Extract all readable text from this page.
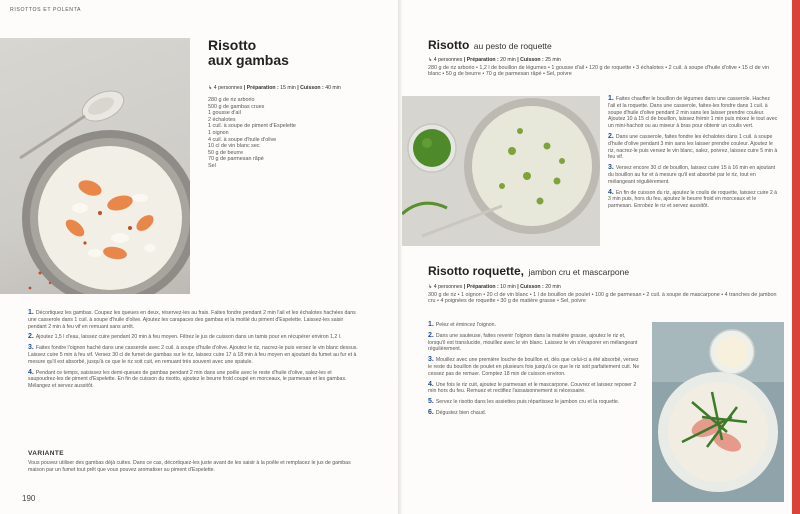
RISOTTOS ET POLENTA
Risotto
aux gambas
↳ 4 personnes | Préparation : 15 min | Cuisson : 40 min
280 g de riz arborio
500 g de gambas crues
1 gousse d'ail
2 échalotes
1 cuil. à soupe de piment d'Espelette
1 oignon
4 cuil. à soupe d'huile d'olive
10 cl de vin blanc sec
50 g de beurre
70 g de parmesan râpé
Sel
1. Décortiquez les gambas. Coupez les queues en deux, réservez-les au frais. Faites fondre pendant 2 min l'ail et les échalotes hachées dans une casserole dans 1 cuil. à soupe d'huile d'olive. Ajoutez les carapaces des gambas et la moitié du piment d'Espelette. Laissez-les saisir pendant 2 min à feu vif en remuant sans arrêt.
2. Ajoutez 1,5 l d'eau, laissez cuire pendant 20 min à feu moyen. Filtrez le jus de cuisson dans un tamis pour en récupérer environ 1,2 l.
3. Faites fondre l'oignon haché dans une casserole avec 2 cuil. à soupe d'huile d'olive. Ajoutez le riz, nacrez-le puis versez le vin blanc dessus. Laissez cuire 5 min à feu vif. Versez 30 cl de fumet de gambas sur le riz, laissez cuire 17 à 18 min à feu moyen en ajoutant du fumet au fur et à mesure qu'il est absorbé, jusqu'à ce que le riz soit cuit, en remuant très souvent avec une spatule.
4. Pendant ce temps, saisissez les demi-queues de gambas pendant 2 min dans une poêle avec le reste d'huile d'olive, salez-les et saupoudrez-les de piment d'Espelette. En fin de cuisson du risotto, ajoutez le beurre froid coupé en morceaux, le parmesan et les gambas. Mélangez et servez aussitôt.
VARIANTE
Vous pouvez utiliser des gambas déjà cuites. Dans ce cas, décortiquez-les juste avant de les saisir à la poêle et remplacez le jus de gambas maison par un fumet tout prêt que vous pouvez aromatiser au piment d'Espelette.
190
Risotto au pesto de roquette
↳ 4 personnes | Préparation : 20 min | Cuisson : 25 min
280 g de riz arborio • 1,2 l de bouillon de légumes • 1 gousse d'ail • 120 g de roquette • 3 échalotes • 2 cuil. à soupe d'huile d'olive • 15 cl de vin blanc • 50 g de beurre • 70 g de parmesan râpé • Sel, poivre
1. Faites chauffer le bouillon de légumes dans une casserole. Hachez l'ail et la roquette. Dans une casserole, faites-les fondre dans 1 cuil. à soupe d'huile d'olive pendant 2 min sans les laisser prendre couleur. Ajoutez 10 à 15 cl de bouillon, laissez frémir 1 min puis mixez le tout avec un mini-hachoir ou au mixeur à bras pour obtenir un coulis vert.
2. Dans une casserole, faites fondre les échalotes dans 1 cuil. à soupe d'huile d'olive pendant 3 min sans les laisser prendre couleur. Ajoutez le riz, nacrez-le puis versez le vin blanc, salez, poivrez, laissez cuire 5 min à feu vif.
3. Versez encore 30 cl de bouillon, laissez cuire 15 à 16 min en ajoutant du bouillon au fur et à mesure qu'il est absorbé par le riz, tout en mélangeant régulièrement.
4. En fin de cuisson du riz, ajoutez le coulis de roquette, laissez cuire 2 à 3 min puis, hors du feu, ajoutez le beurre froid en morceaux et le parmesan. Enrobez le riz et servez aussitôt.
Risotto roquette, jambon cru et mascarpone
↳ 4 personnes | Préparation : 10 min | Cuisson : 20 min
300 g de riz • 1 oignon • 20 cl de vin blanc • 1 l de bouillon de poulet • 100 g de parmesan • 2 cuil. à soupe de mascarpone • 4 tranches de jambon cru • 4 poignées de roquette • 30 g de matière grasse • Sel, poivre
1. Pelez et émincez l'oignon.
2. Dans une sauteuse, faites revenir l'oignon dans la matière grasse, ajoutez le riz et, lorsqu'il est translucide, mouillez avec le vin blanc. Laissez le vin s'évaporer en mélangeant régulièrement.
3. Mouillez avec une première louche de bouillon et, dès que celui-ci a été absorbé, versez le reste du bouillon de poulet en plusieurs fois jusqu'à ce que le riz soit parfaitement cuit. Ne cessez pas de remuer. Comptez 18 min de cuisson environ.
4. Une fois le riz cuit, ajoutez le parmesan et le mascarpone. Couvrez et laissez reposer 2 min hors du feu. Remuez et rectifiez l'assaisonnement si nécessaire.
5. Servez le risotto dans les assiettes puis répartissez le jambon cru et la roquette.
6. Dégustez bien chaud.
